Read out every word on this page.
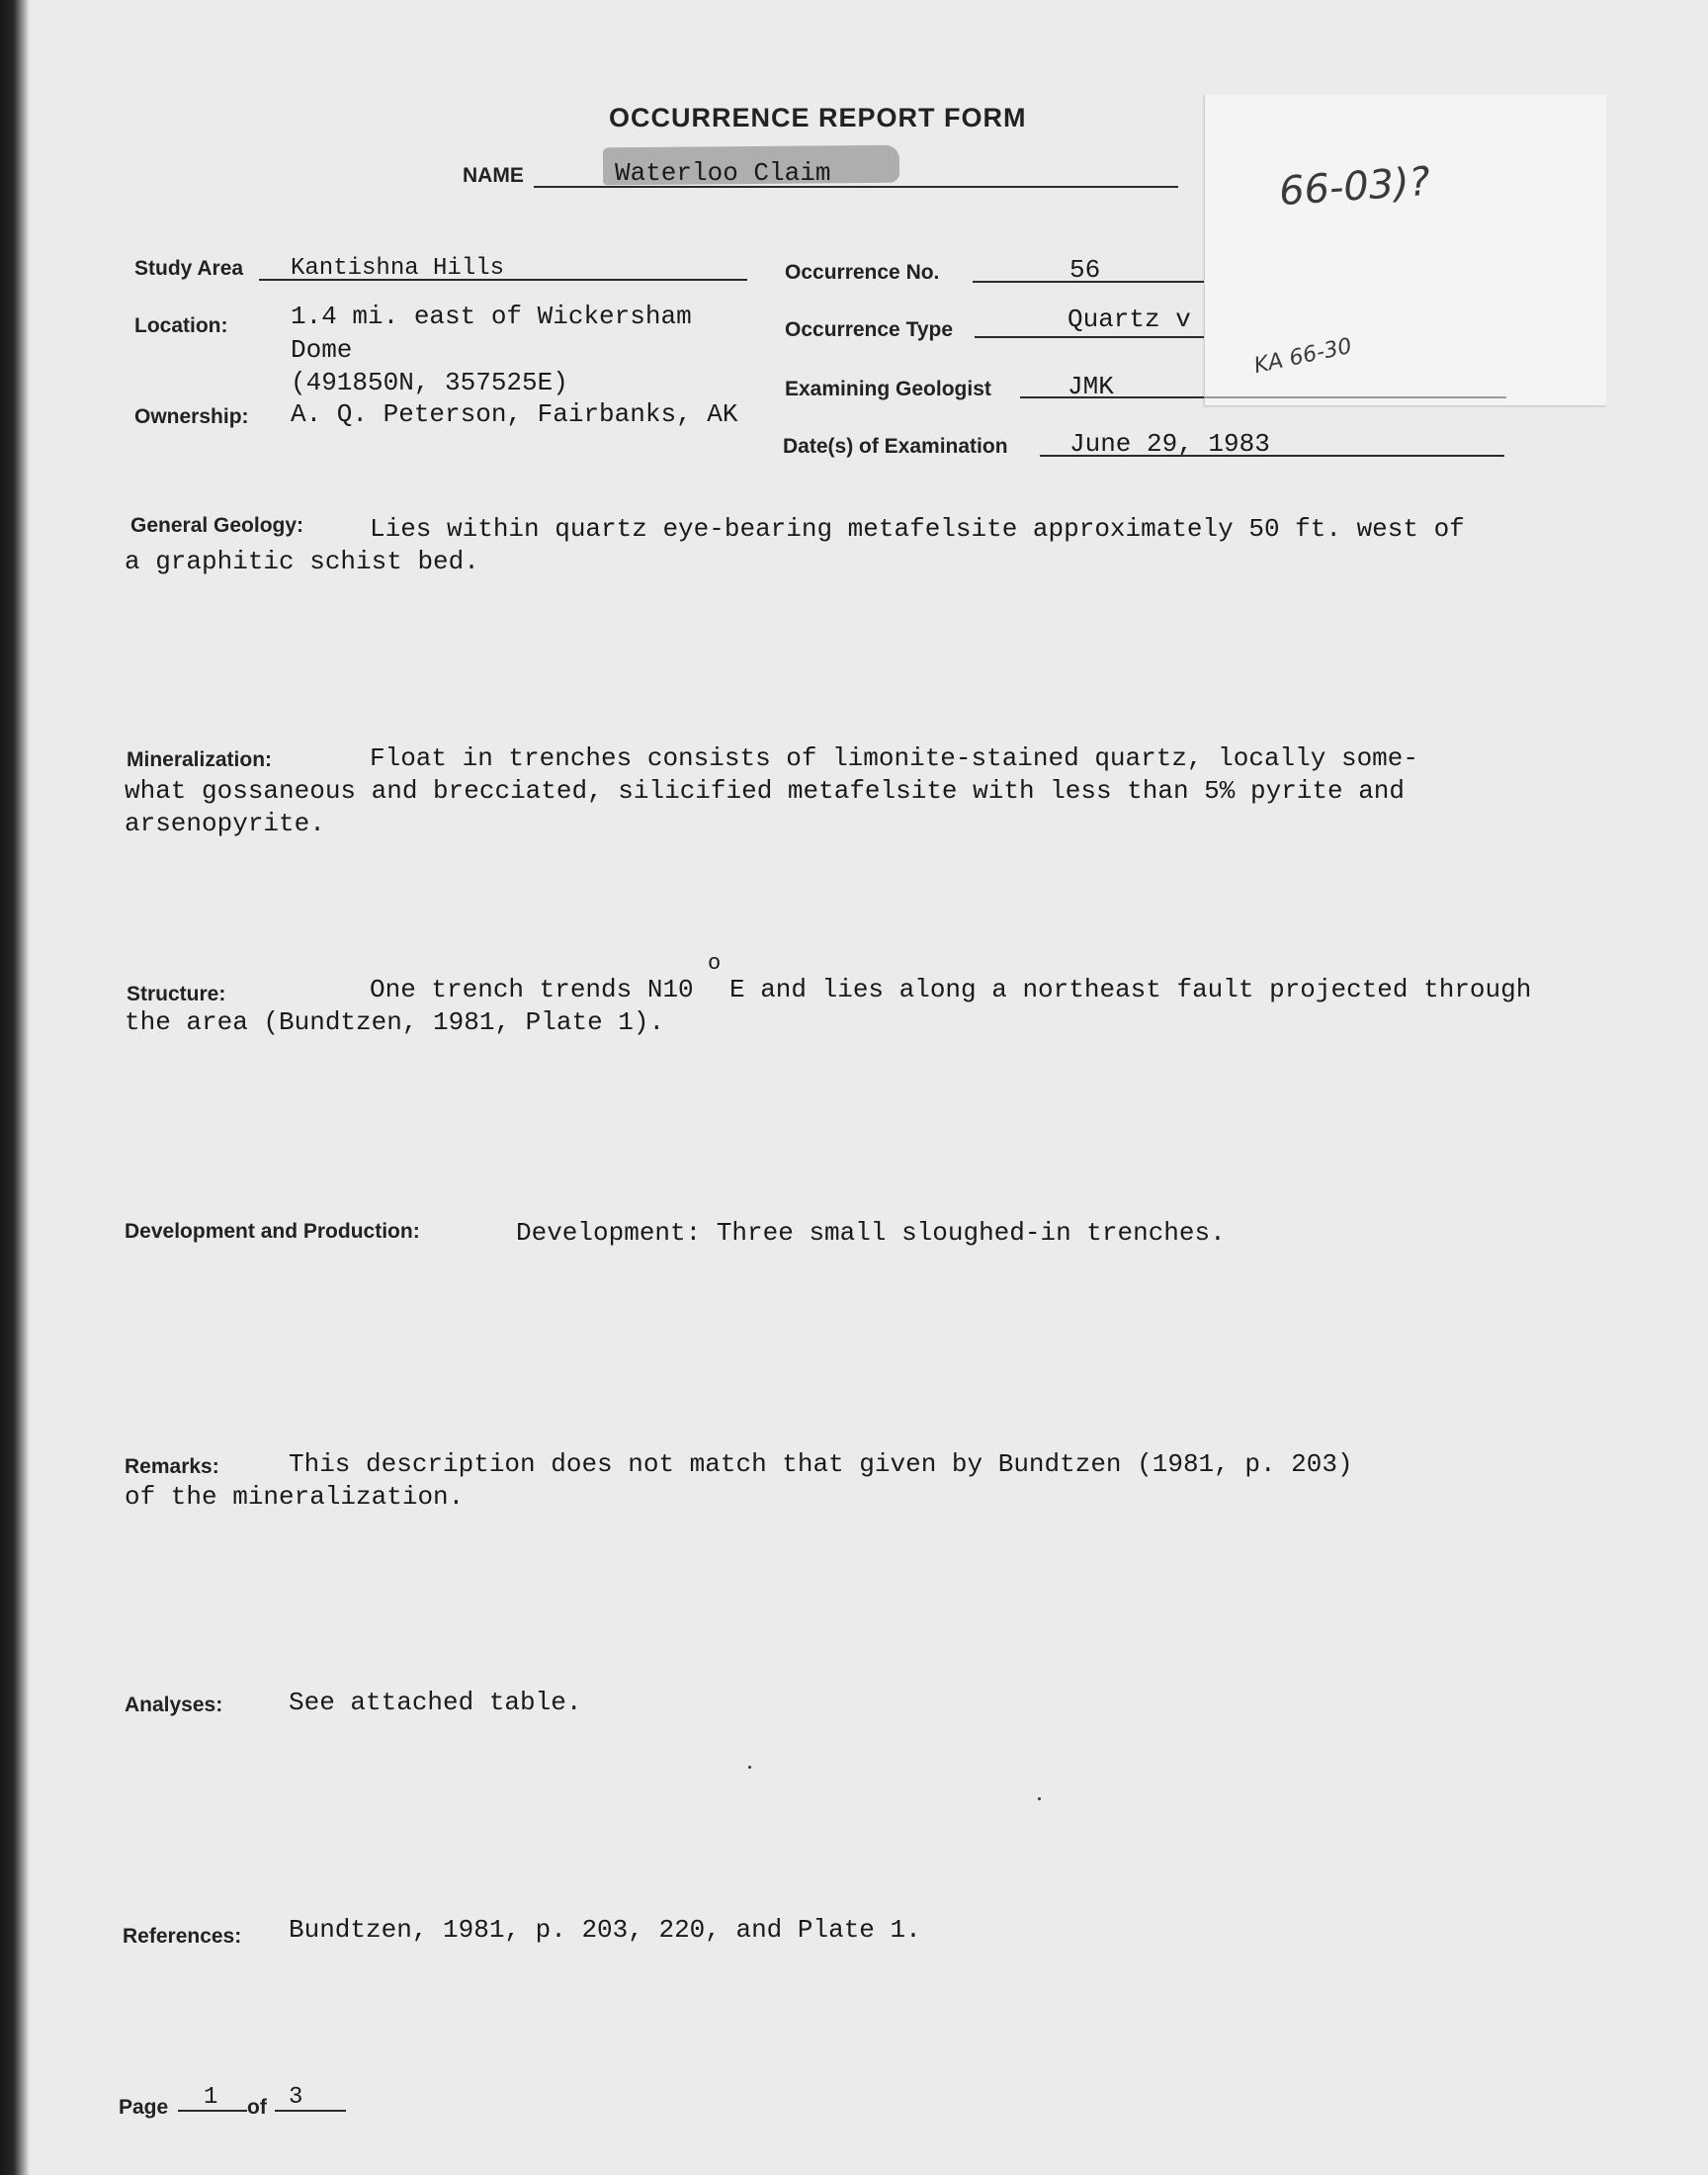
OCCURRENCE REPORT FORM
NAME	Waterloo Claim	66-03)?
Study Area Kantishna Hills
Location: 1.4 mi. east of Wickersham
Dome
(491850N, 357525E)
Ownership: A. Q. Peterson, Fairbanks, AK
Occurrence No.	56
Occurrence Type	Quartz v
KA 66-30
Examining Geologist	JMK
Date(s) of Examination June 29, 1983
General Geology:	Lies within quartz eye-bearing metafelsite approximately 50 ft. west of
a graphitic schist bed.
Mineralization:	Float in trenches consists of limonite-stained quartz, locally some-
what gossaneous and brecciated, silicified metafelsite with less than 5% pyrite and
arsenopyrite.
Structure:	One trench trends N10
o
E and lies along a northeast fault projected through
the area (Bundtzen, 1981, Plate 1).
Development and Production:	Development: Three small sloughed-in trenches.
Remarks:	This description does not match that given by Bundtzen (1981, p. 203)
of the mineralization.
Analyses:	See attached table.
References: Bundtzen, 1981, p. 203, 220, and Plate 1.
Page 1 of 3
